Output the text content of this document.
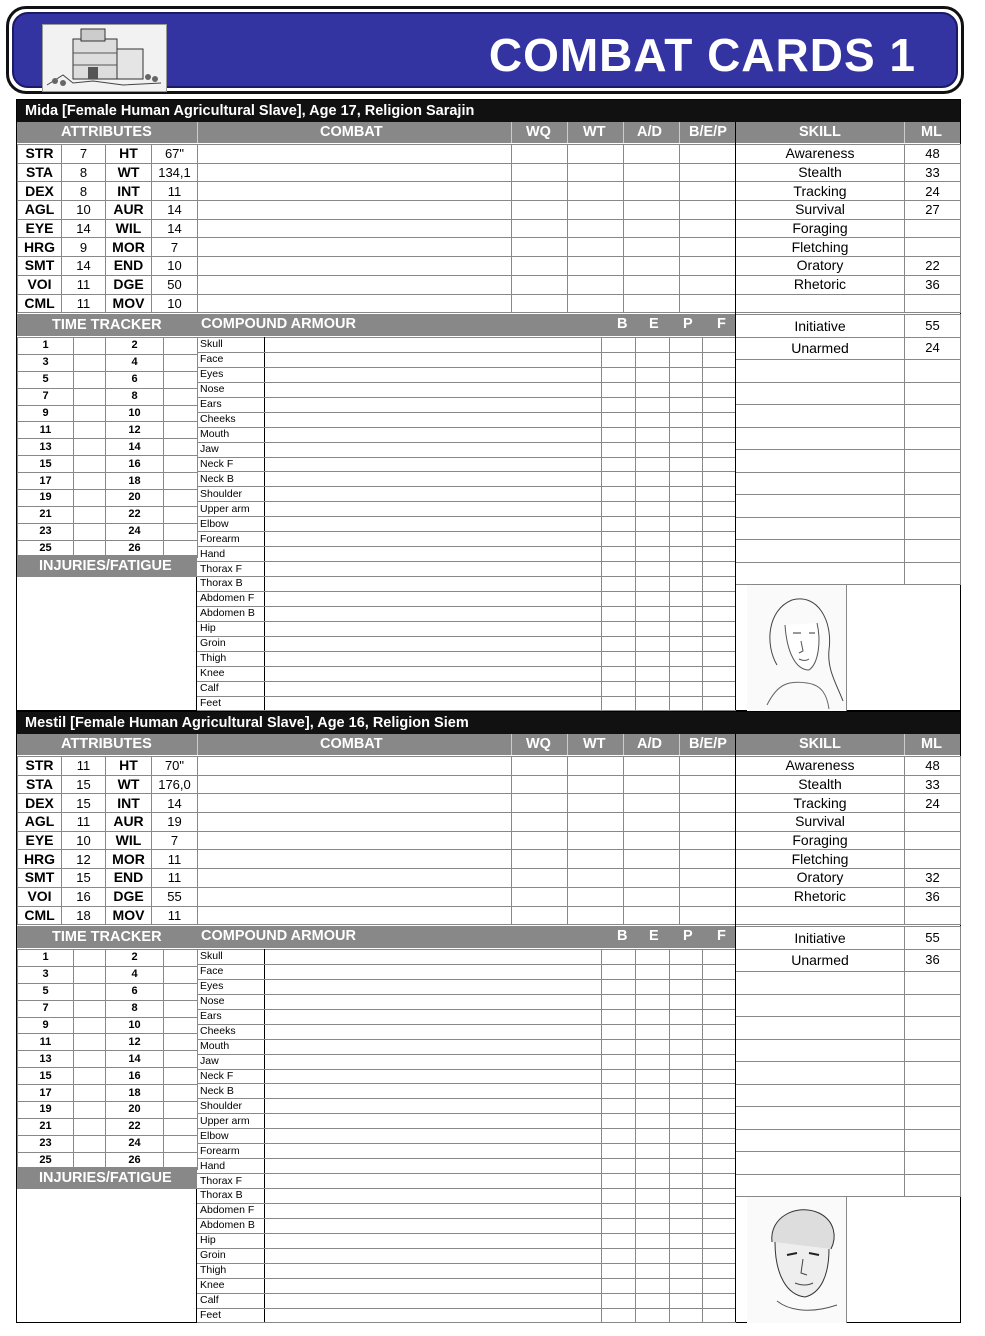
COMBAT CARDS 1
Mida [Female Human Agricultural Slave], Age 17, Religion Sarajin
ATTRIBUTES	COMBAT	WQ WT A/D B/E/P	SKILL	ML
STR	7	HT	67"
STA	8	WT	134,1
DEX	8	INT	11
AGL	10	AUR	14
EYE	14	WIL	14
HRG	9	MOR	7
SMT	14	END	10
VOI	11	DGE	50
CML	11	MOV	10

Awareness	48
Stealth	33
Tracking	24
Survival	27
Foraging	
Fletching	
Oratory	22
Rhetoric	36

TIME TRACKER	COMPOUND ARMOUR	B E P F
1		2	
3		4	
5		6	
7		8	
9		10	
11		12	
13		14	
15		16	
17		18	
19		20	
21		22	
23		24	
25		26	
INJURIES/FATIGUE
Skull					
Face					
Eyes					
Nose					
Ears					
Cheeks					
Mouth					
Jaw					
Neck F					
Neck B					
Shoulder					
Upper arm					
Elbow					
Forearm					
Hand					
Thorax F					
Thorax B					
Abdomen F					
Abdomen B					
Hip					
Groin					
Thigh					
Knee					
Calf					
Feet					
Initiative	55
Unarmed	24

Mestil [Female Human Agricultural Slave], Age 16, Religion Siem
ATTRIBUTES	COMBAT	WQ WT A/D B/E/P	SKILL	ML
STR	11	HT	70"
STA	15	WT	176,0
DEX	15	INT	14
AGL	11	AUR	19
EYE	10	WIL	7
HRG	12	MOR	11
SMT	15	END	11
VOI	16	DGE	55
CML	18	MOV	11

Awareness	48
Stealth	33
Tracking	24
Survival	
Foraging	
Fletching	
Oratory	32
Rhetoric	36

TIME TRACKER	COMPOUND ARMOUR	B E P F
1		2	
3		4	
5		6	
7		8	
9		10	
11		12	
13		14	
15		16	
17		18	
19		20	
21		22	
23		24	
25		26	
INJURIES/FATIGUE
Skull					
Face					
Eyes					
Nose					
Ears					
Cheeks					
Mouth					
Jaw					
Neck F					
Neck B					
Shoulder					
Upper arm					
Elbow					
Forearm					
Hand					
Thorax F					
Thorax B					
Abdomen F					
Abdomen B					
Hip					
Groin					
Thigh					
Knee					
Calf					
Feet					
Initiative	55
Unarmed	36
